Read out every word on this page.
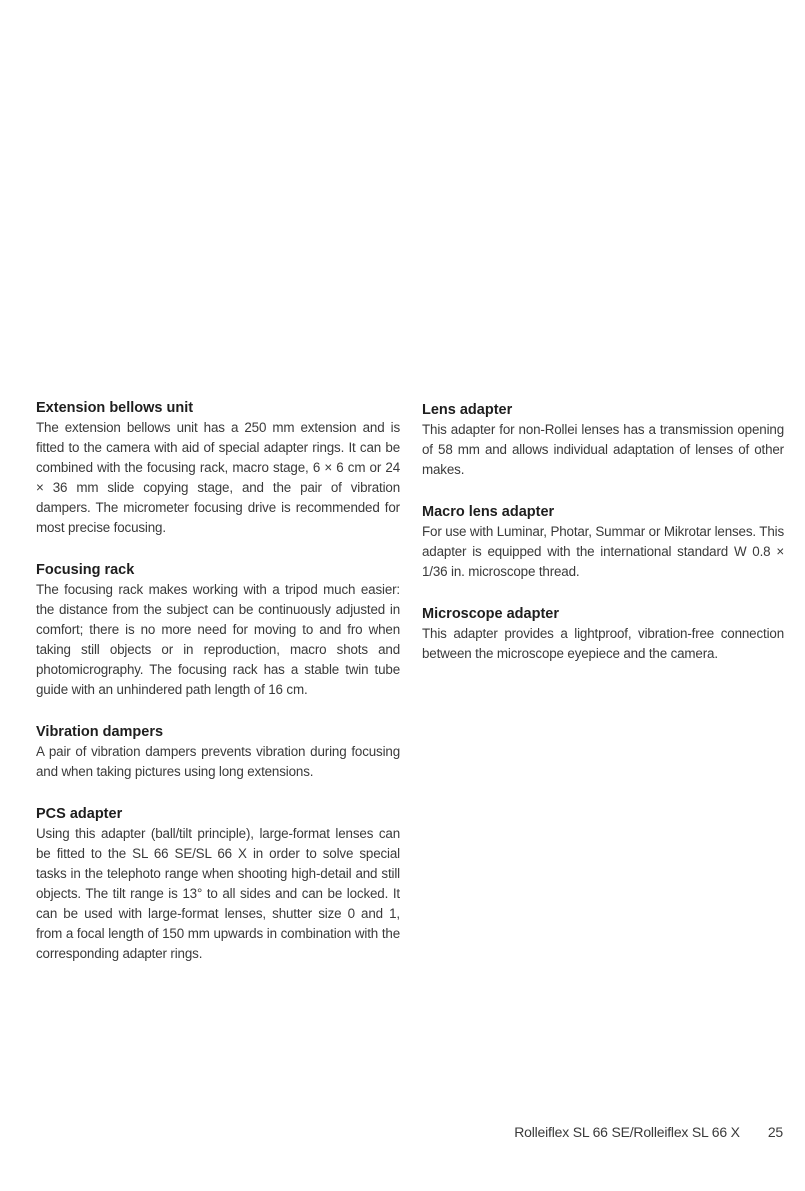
Extension bellows unit

The extension bellows unit has a 250 mm extension and is fitted to the camera with aid of special adapter rings. It can be combined with the focusing rack, macro stage, 6 × 6 cm or 24 × 36 mm slide copying stage, and the pair of vibration dampers. The micrometer focusing drive is recommended for most precise focusing.

Focusing rack

The focusing rack makes working with a tripod much easier: the distance from the subject can be continuously adjusted in comfort; there is no more need for moving to and fro when taking still objects or in reproduction, macro shots and photomicrography. The focusing rack has a stable twin tube guide with an unhindered path length of 16 cm.

Vibration dampers

A pair of vibration dampers prevents vibration during focusing and when taking pictures using long extensions.

PCS adapter

Using this adapter (ball/tilt principle), large-format lenses can be fitted to the SL 66 SE/SL 66 X in order to solve special tasks in the telephoto range when shooting high-detail and still objects. The tilt range is 13° to all sides and can be locked. It can be used with large-format lenses, shutter size 0 and 1, from a focal length of 150 mm upwards in combination with the corresponding adapter rings.

Lens adapter

This adapter for non-Rollei lenses has a transmission opening of 58 mm and allows individual adaptation of lenses of other makes.

Macro lens adapter

For use with Luminar, Photar, Summar or Mikrotar lenses. This adapter is equipped with the international standard W 0.8 × 1/36 in. microscope thread.

Microscope adapter

This adapter provides a lightproof, vibration-free connection between the microscope eyepiece and the camera.

Rolleiflex SL 66 SE/Rolleiflex SL 66 X 25
